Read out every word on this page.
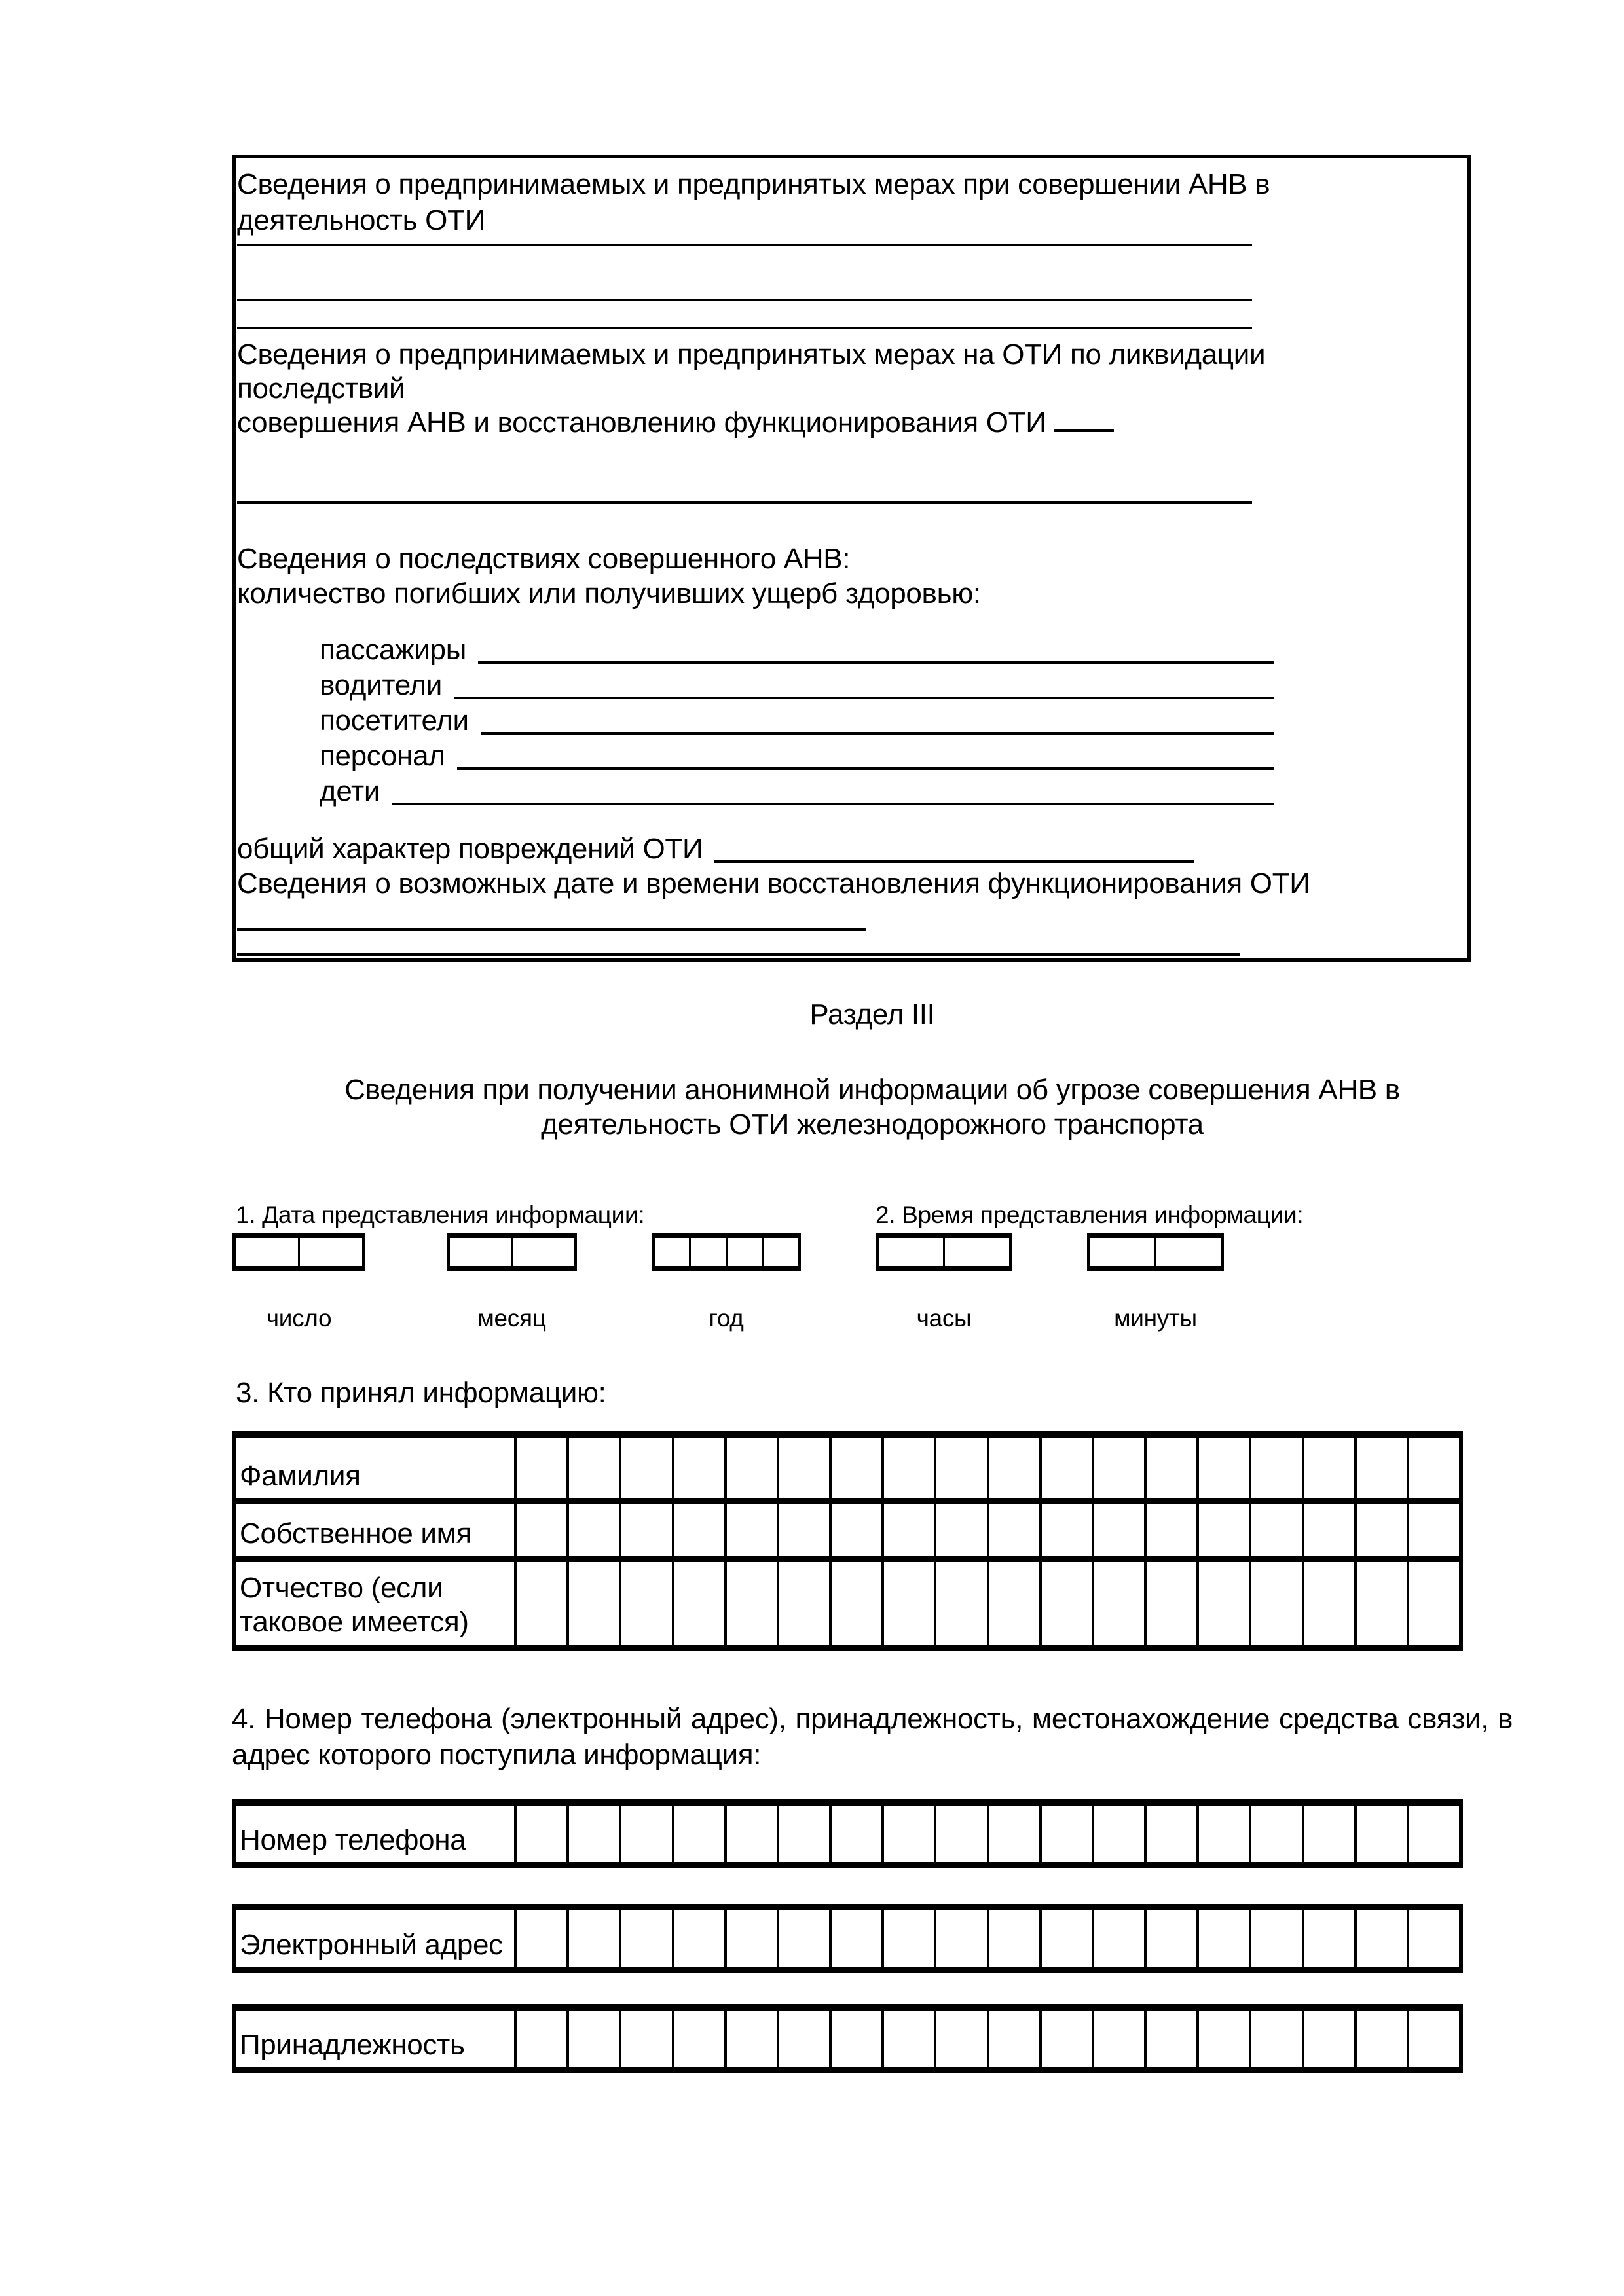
Сведения о предпринимаемых и предпринятых мерах при совершении АНВ в
деятельность ОТИ
Сведения о предпринимаемых и предпринятых мерах на ОТИ по ликвидации
последствий
совершения АНВ и восстановлению функционирования ОТИ
Сведения о последствиях совершенного АНВ:
количество погибших или получивших ущерб здоровью:
пассажиры
водители
посетители
персонал
дети
общий характер повреждений ОТИ
Сведения о возможных дате и времени восстановления функционирования ОТИ
Раздел III
Сведения при получении анонимной информации об угрозе совершения АНВ в
деятельность ОТИ железнодорожного транспорта
1. Дата представления информации:	2. Время представления информации:
число	месяц	год	часы	минуты
3. Кто принял информацию:
Фамилия
Собственное имя
Отчество (если таковое имеется)
4. Номер телефона (электронный адрес), принадлежность, местонахождение средства связи, в адрес которого поступила информация:
Номер телефона
Электронный адрес
Принадлежность
